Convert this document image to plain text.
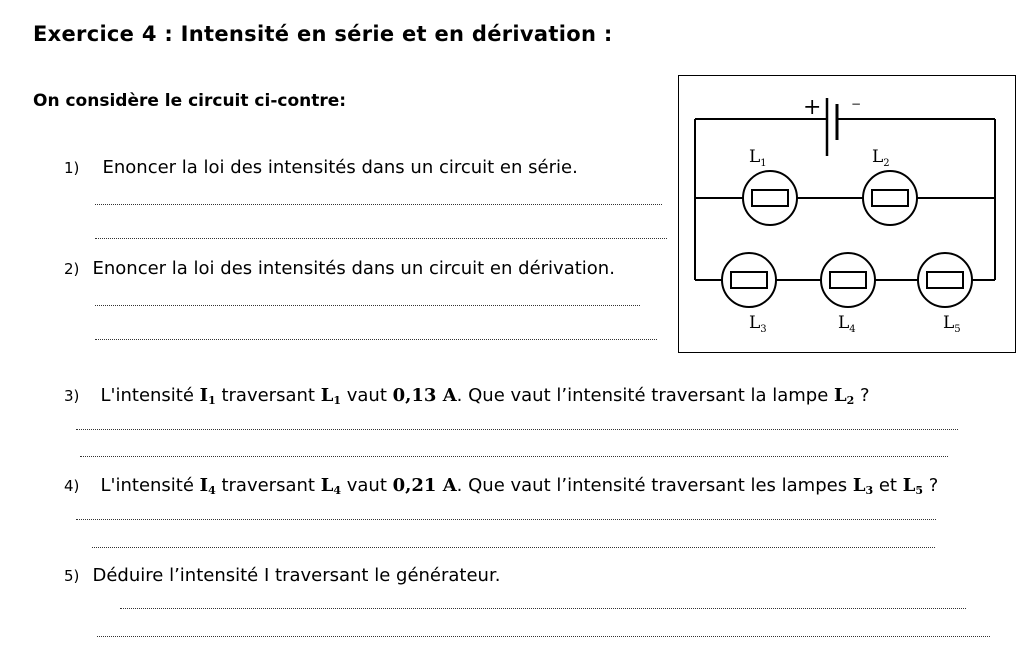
Exercice 4 : Intensité en série et en dérivation :
On considère le circuit ci-contre:
1) Enoncer la loi des intensités dans un circuit en série.
2) Enoncer la loi des intensités dans un circuit en dérivation.
3) L'intensité $I_1$ traversant $L_1$ vaut 0,13 A. Que vaut l’intensité traversant la lampe $L_2$ ?
4) L'intensité $I_4$ traversant $L_4$ vaut 0,21 A. Que vaut l’intensité traversant les lampes $L_3$ et $L_5$ ?
5) Déduire l’intensité I traversant le générateur.
+ −
$L_1$	$L_2$
$L_3$	$L_4$	$L_5$
